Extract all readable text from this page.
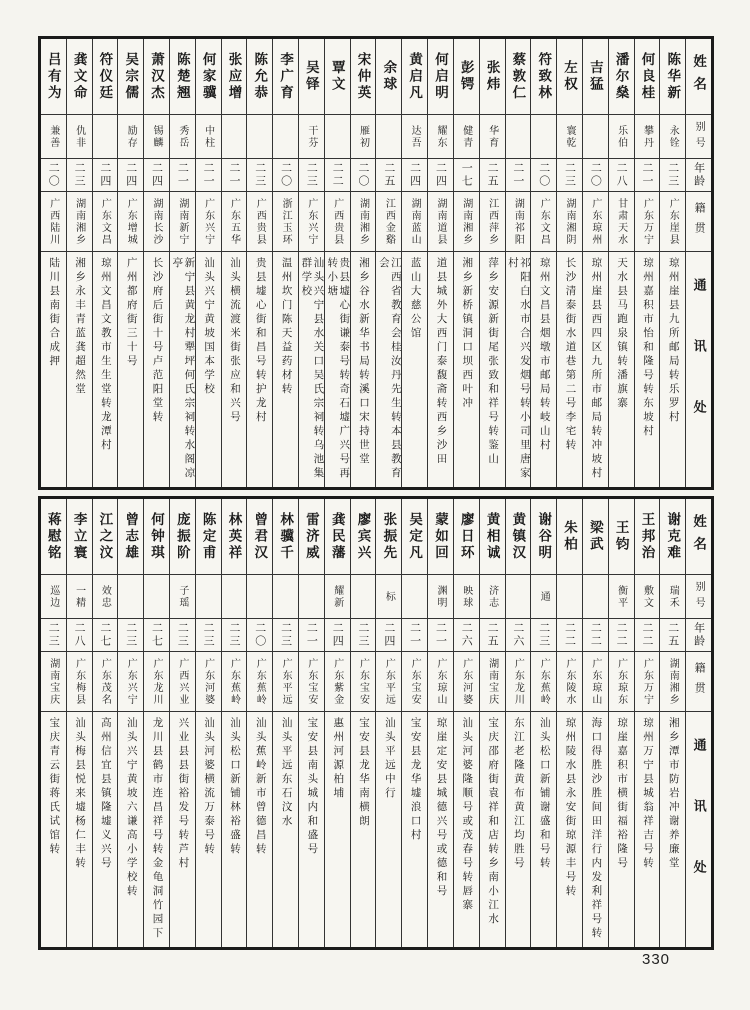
姓名
别号
年龄
籍贯
通讯处
陈华新
永铨
二三
广东崖县
琼州崖县九所邮局转乐罗村
何良桂
攀丹
二一
广东万宁
琼州嘉积市怡和隆号转东坡村
潘尔燊
乐伯
二八
甘肃天水
天水县马跑泉镇转潘旗寨
吉猛
二〇
广东琼州
琼州崖县西四区九所市邮局转冲坡村
左权
寰乾
二三
湖南湘阴
长沙清泰街水道巷第二号李宅转
符致林
二〇
广东文昌
琼州文昌县烟墩市邮局转岐山村
蔡敦仁
二一
湖南祁阳
祁阳白水市合兴发烟号转小司里唐家村
张炜
华育
二五
江西萍乡
萍乡安源新街尾张致和祥号转鉴山
彭锷
健青
一七
湖南湘乡
湘乡新桥镇洞口坝西叶冲
何启明
耀东
二四
湖南道县
道县城外大西门泰馥斋转西乡沙田
黄启凡
达吾
二四
湖南蓝山
蓝山大慈公馆
余球
二五
江西金谿
江西省教育会桂汝丹先生转本县教育会
宋仲英
雁初
二〇
湖南湘乡
湘乡谷水新华书局转溪口宋持世堂
覃文
二二
广西贵县
贵县墟心街谦泰号转奇石墟广兴号再转小塘
吴铎
干芬
二三
广东兴宁
汕头兴宁县水关口吴氏宗祠转乌池集群学校
李广育
二〇
浙江玉环
温州坎门陈天益药材转
陈允恭
二三
广西贵县
贵县墟心街和昌号转护龙村
张应增
二一
广东五华
汕头横流渡米街张应和兴号
何家骥
中柱
二一
广东兴宁
汕头兴宁黄坡国本学校
陈楚翘
秀岳
二一
湖南新宁
新宁县黄龙村犟坪何氏宗祠转水阁凉亭
萧汉杰
锡麟
二四
湖南长沙
长沙府后街十号卢范阳堂转
吴宗儒
励存
二四
广东增城
广州都府街三十号
符仪廷
二四
广东文昌
琼州文昌文教市生生堂转龙潭村
龚文命
仇非
二三
湖南湘乡
湘乡永丰青蓝龚超然堂
吕有为
兼善
二〇
广西陆川
陆川县南街合成押
姓名
别号
年龄
籍贯
通讯处
谢克难
瑞禾
二五
湖南湘乡
湘乡潭市防岩冲谢养廉堂
王邦治
敷文
二二
广东万宁
琼州万宁县城翁祥吉号转
王钧
衡平
二二
广东琼东
琼崖嘉积市横街福裕隆号
梁武
二二
广东琼山
海口得胜沙胜间田洋行内发利祥号转
朱柏
二二
广东陵水
琼州陵水县永安街琼源丰号转
谢谷明
通
二三
广东蕉岭
汕头松口新铺谢盛和号转
黄镇汉
二六
广东龙川
东江老隆黄布黄江均胜号
黄相诚
济志
二五
湖南宝庆
宝庆邵府街袁祥和店转乡南小江水
廖日环
映球
二六
广东河婆
汕头河婆隆顺号或茂春号转唇寨
蒙如回
渊明
二一
广东琼山
琼崖定安县城德兴号或德和号
吴定凡
二一
广东宝安
宝安县龙华墟浪口村
张振先
标
二四
广东平远
汕头平远中行
廖宾兴
二三
广东宝安
宝安县龙华南横朗
龚民藩
耀新
二四
广东紫金
惠州河源柏埔
雷济威
二一
广东宝安
宝安县南头城内和盛号
林骥千
二三
广东平远
汕头平远东石汶水
曾君汉
二〇
广东蕉岭
汕头蕉岭新市曾德昌转
林英祥
二三
广东蕉岭
汕头松口新铺林裕盛转
陈定甫
二三
广东河婆
汕头河婆横流万泰号转
庞振阶
子瑶
二三
广西兴业
兴业县县街裕发号转芦村
何钟琪
二七
广东龙川
龙川县鹤市连昌祥号转金龟洞竹园下
曾志雄
二三
广东兴宁
汕头兴宁黄坡六谦高小学校转
江之汶
效忠
二七
广东茂名
高州信宜县镇隆墟义兴号
李立寰
一精
二八
广东梅县
汕头梅县悦来墟杨仁丰转
蒋慰铭
巡边
二三
湖南宝庆
宝庆青云街蒋氏试馆转
330
